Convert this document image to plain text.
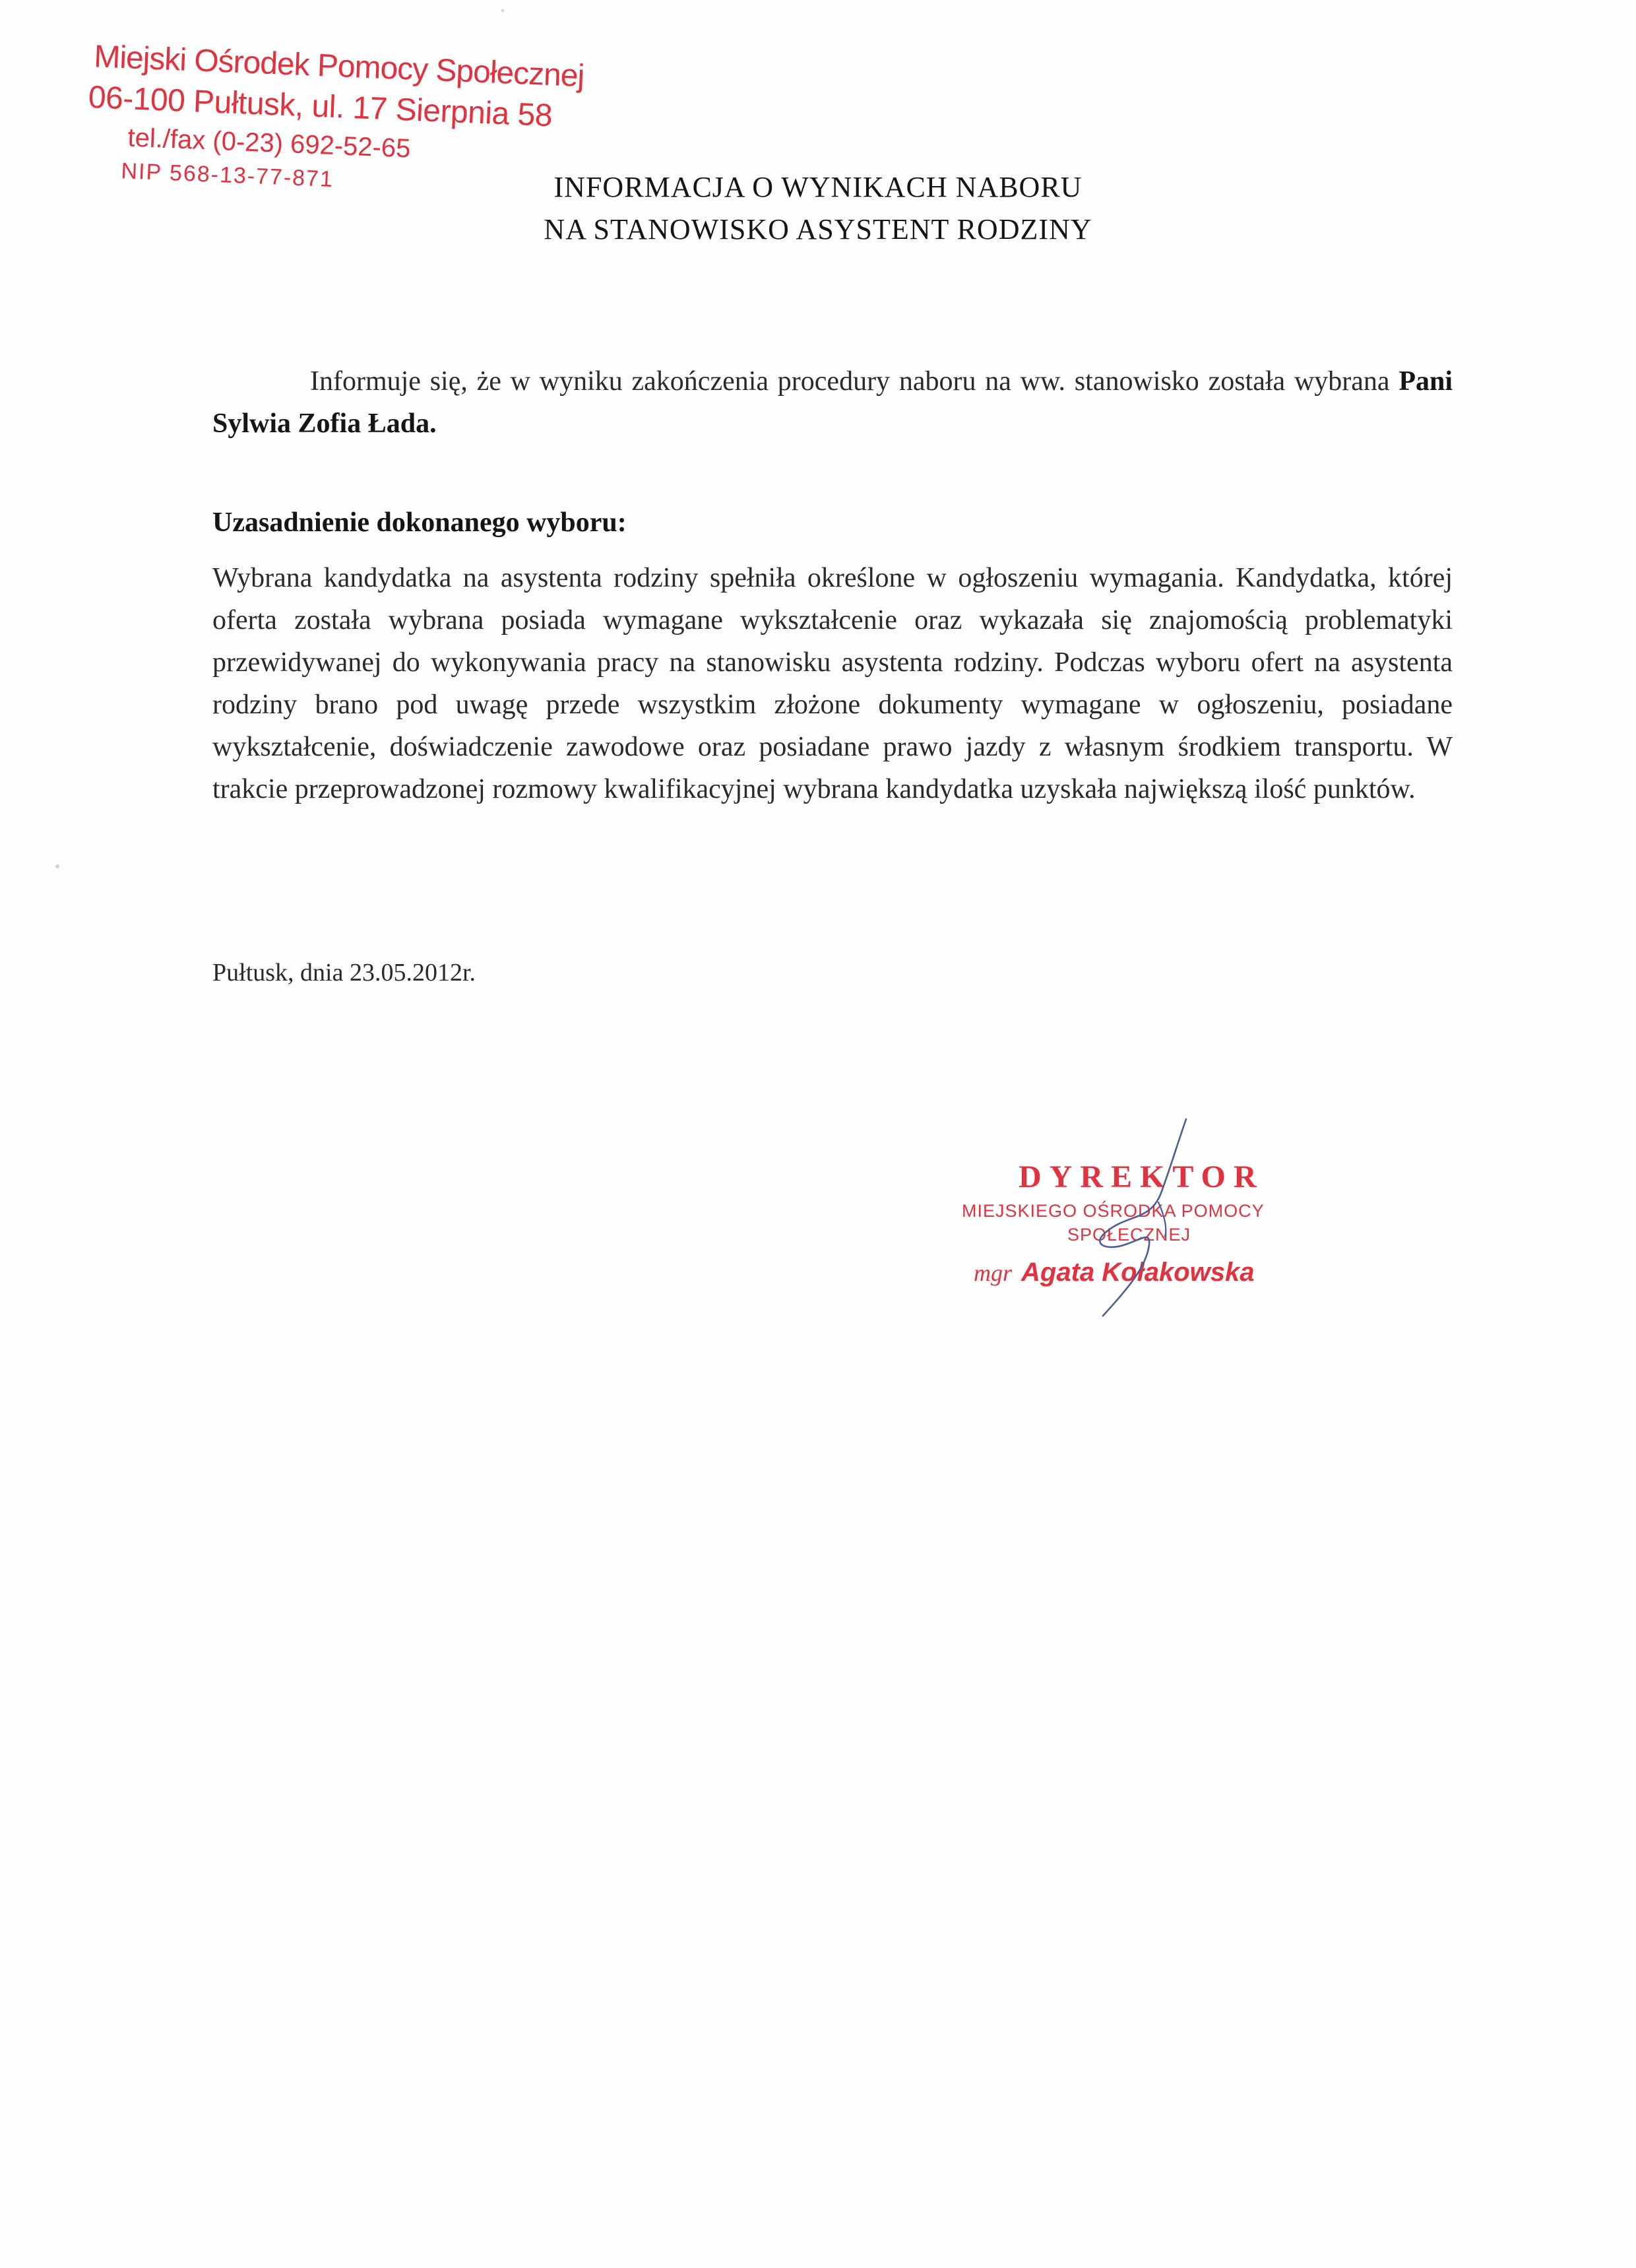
Miejski Ośrodek Pomocy Społecznej
06-100 Pułtusk, ul. 17 Sierpnia 58
tel./fax (0-23) 692-52-65
NIP 568-13-77-871	INFORMACJA O WYNIKACH NABORU
NA STANOWISKO ASYSTENT RODZINY

Informuje się, że w wyniku zakończenia procedury naboru na ww. stanowisko została wybrana Pani Sylwia Zofia Łada.

Uzasadnienie dokonanego wyboru:

Wybrana kandydatka na asystenta rodziny spełniła określone w ogłoszeniu wymagania. Kandydatka, której oferta została wybrana posiada wymagane wykształcenie oraz wykazała się znajomością problematyki przewidywanej do wykonywania pracy na stanowisku asystenta rodziny. Podczas wyboru ofert na asystenta rodziny brano pod uwagę przede wszystkim złożone dokumenty wymagane w ogłoszeniu, posiadane wykształcenie, doświadczenie zawodowe oraz posiadane prawo jazdy z własnym środkiem transportu. W trakcie przeprowadzonej rozmowy kwalifikacyjnej wybrana kandydatka uzyskała największą ilość punktów.

Pułtusk, dnia 23.05.2012r.
DYREKTOR
MIEJSKIEGO OŚRODKA POMOCY
SPOŁECZNEJ
mgr Agata Kołakowska
